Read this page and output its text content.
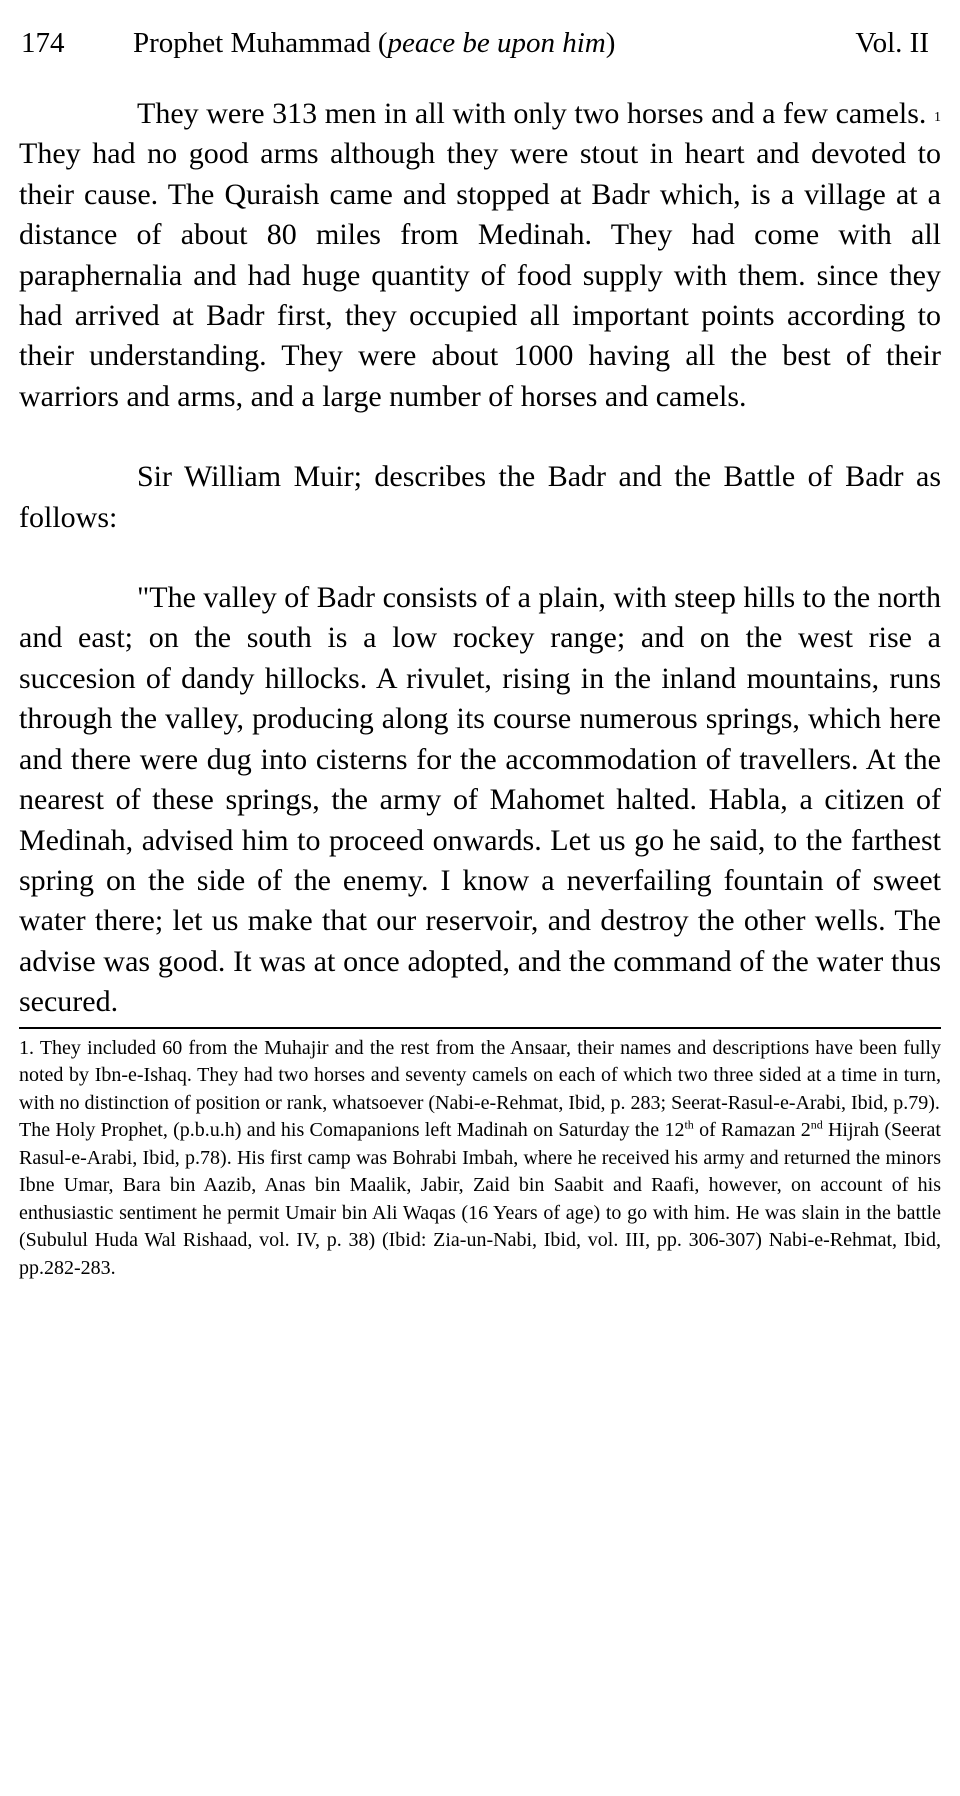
174 Prophet Muhammad (peace be upon him)	Vol. II

They were 313 men in all with only two horses and a few camels. $^1$ They had no good arms although they were stout in heart and devoted to their cause. The Quraish came and stopped at Badr which, is a village at a distance of about 80 miles from Medinah. They had come with all paraphernalia and had huge quantity of food supply with them. since they had arrived at Badr first, they occupied all important points according to their understanding. They were about 1000 having all the best of their warriors and arms, and a large number of horses and camels.

Sir William Muir; describes the Badr and the Battle of Badr as follows:

"The valley of Badr consists of a plain, with steep hills to the north and east; on the south is a low rockey range; and on the west rise a succesion of dandy hillocks. A rivulet, rising in the inland mountains, runs through the valley, producing along its course numerous springs, which here and there were dug into cisterns for the accommodation of travellers. At the nearest of these springs, the army of Mahomet halted. Habla, a citizen of Medinah, advised him to proceed onwards. Let us go he said, to the farthest spring on the side of the enemy. I know a neverfailing fountain of sweet water there; let us make that our reservoir, and destroy the other wells. The advise was good. It was at once adopted, and the command of the water thus secured.

1. They included 60 from the Muhajir and the rest from the Ansaar, their names and descriptions have been fully noted by Ibn-e-Ishaq. They had two horses and seventy camels on each of which two three sided at a time in turn, with no distinction of position or rank, whatsoever (Nabi-e-Rehmat, Ibid, p. 283; Seerat-Rasul-e-Arabi, Ibid, p.79).

The Holy Prophet, (p.b.u.h) and his Comapanions left Madinah on Saturday the 12th of Ramazan 2nd Hijrah (Seerat Rasul-e-Arabi, Ibid, p.78). His first camp was Bohrabi Imbah, where he received his army and returned the minors Ibne Umar, Bara bin Aazib, Anas bin Maalik, Jabir, Zaid bin Saabit and Raafi, however, on account of his enthusiastic sentiment he permit Umair bin Ali Waqas (16 Years of age) to go with him. He was slain in the battle (Subulul Huda Wal Rishaad, vol. IV, p. 38) (Ibid: Zia-un-Nabi, Ibid, vol. III, pp. 306-307) Nabi-e-Rehmat, Ibid, pp.282-283.
